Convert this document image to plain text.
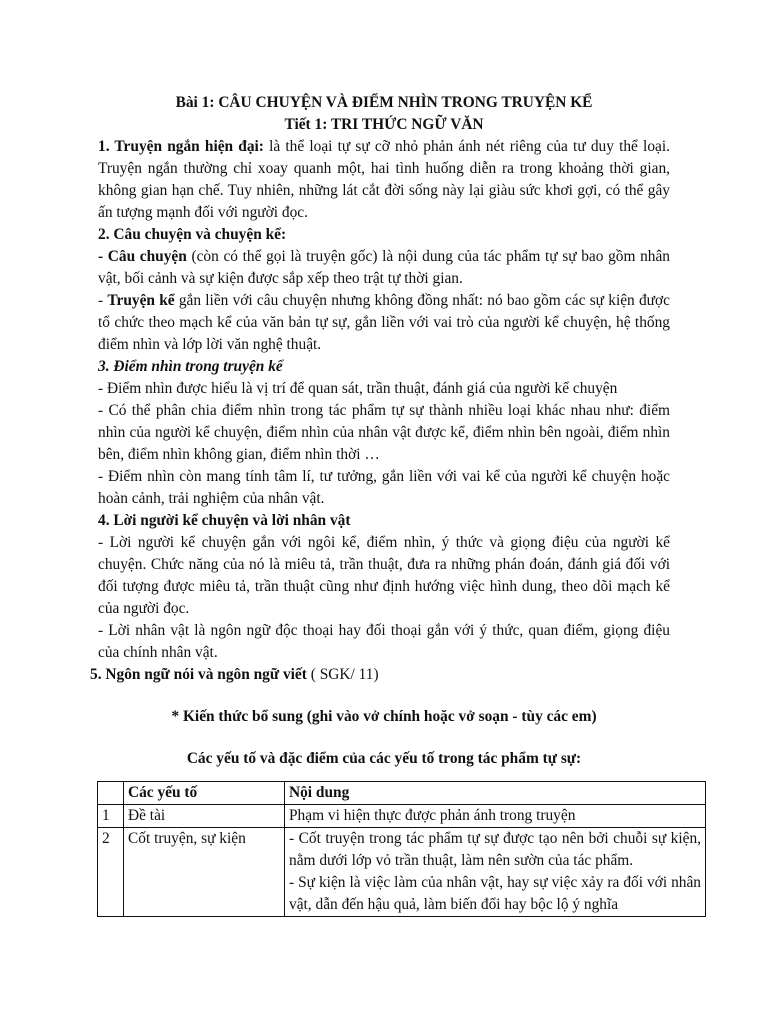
Bài 1: CÂU CHUYỆN VÀ ĐIỂM NHÌN TRONG TRUYỆN KỂ

Tiết 1: TRI THỨC NGỮ VĂN

1. Truyện ngắn hiện đại: là thể loại tự sự cỡ nhỏ phản ánh nét riêng của tư duy thể loại. Truyện ngắn thường chỉ xoay quanh một, hai tình huống diễn ra trong khoảng thời gian, không gian hạn chế. Tuy nhiên, những lát cắt đời sống này lại giàu sức khơi gợi, có thể gây ấn tượng mạnh đối với người đọc.

2. Câu chuyện và chuyện kể:

- Câu chuyện (còn có thể gọi là truyện gốc) là nội dung của tác phẩm tự sự bao gồm nhân vật, bối cảnh và sự kiện được sắp xếp theo trật tự thời gian.

- Truyện kể gắn liền với câu chuyện nhưng không đồng nhất: nó bao gồm các sự kiện được tổ chức theo mạch kể của văn bản tự sự, gắn liền với vai trò của người kể chuyện, hệ thống điểm nhìn và lớp lời văn nghệ thuật.

3. Điểm nhìn trong truyện kể

- Điểm nhìn được hiểu là vị trí để quan sát, trần thuật, đánh giá của người kể chuyện

- Có thể phân chia điểm nhìn trong tác phẩm tự sự thành nhiều loại khác nhau như: điểm nhìn của người kể chuyện, điểm nhìn của nhân vật được kể, điểm nhìn bên ngoài, điểm nhìn bên, điểm nhìn không gian, điểm nhìn thời …

- Điểm nhìn còn mang tính tâm lí, tư tưởng, gắn liền với vai kể của người kể chuyện hoặc hoàn cảnh, trải nghiệm của nhân vật.

4. Lời người kể chuyện và lời nhân vật

- Lời người kể chuyện gắn với ngôi kể, điểm nhìn, ý thức và giọng điệu của người kể chuyện. Chức năng của nó là miêu tả, trần thuật, đưa ra những phán đoán, đánh giá đối với đối tượng được miêu tả, trần thuật cũng như định hướng việc hình dung, theo dõi mạch kể của người đọc.

- Lời nhân vật là ngôn ngữ độc thoại hay đối thoại gắn với ý thức, quan điểm, giọng điệu của chính nhân vật.

5. Ngôn ngữ nói và ngôn ngữ viết ( SGK/ 11)

* Kiến thức bổ sung (ghi vào vở chính hoặc vở soạn - tùy các em)

Các yếu tố và đặc điểm của các yếu tố trong tác phẩm tự sự:

	Các yếu tố	Nội dung
1	Đề tài	Phạm vi hiện thực được phản ánh trong truyện
2	Cốt truyện, sự kiện	- Cốt truyện trong tác phẩm tự sự được tạo nên bởi chuỗi sự kiện, nằm dưới lớp vỏ trần thuật, làm nên sườn của tác phẩm.
- Sự kiện là việc làm của nhân vật, hay sự việc xảy ra đối với nhân vật, dẫn đến hậu quả, làm biến đổi hay bộc lộ ý nghĩa
